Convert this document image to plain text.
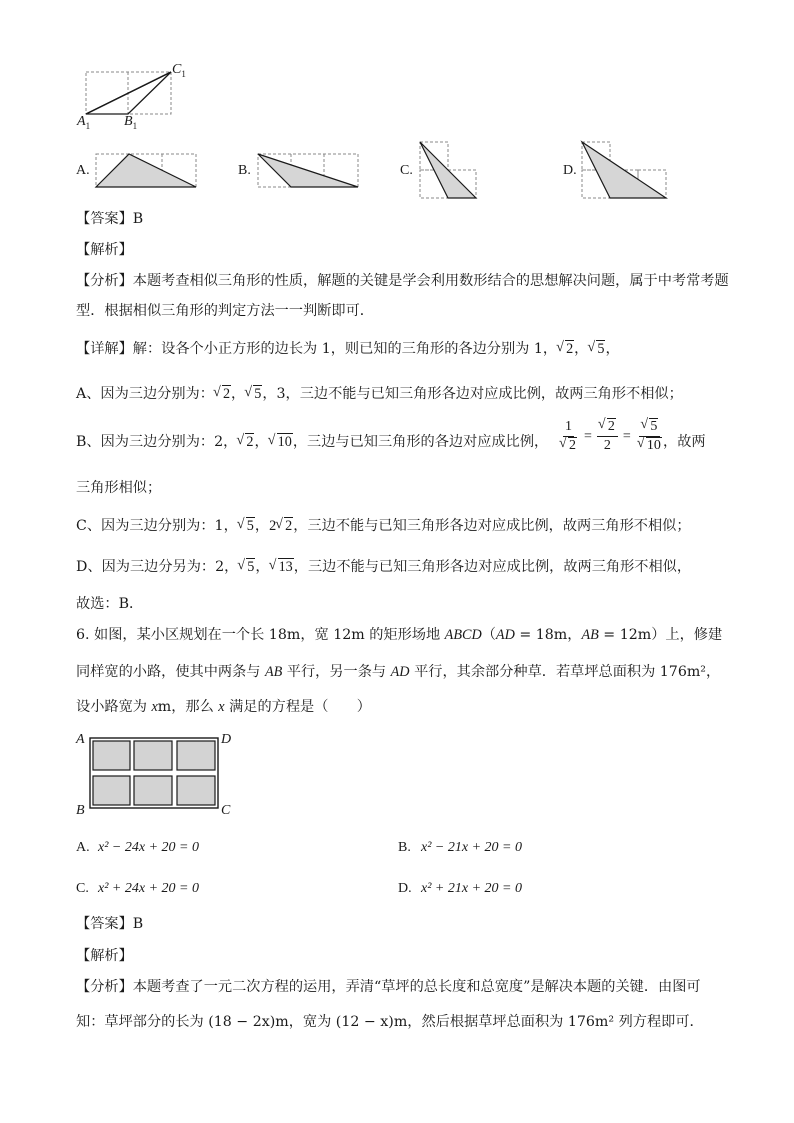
$C_1$
$A_1$ $B_1$
A.	B.	C.	D.
【答案】B
【解析】
【分析】本题考查相似三角形的性质，解题的关键是学会利用数形结合的思想解决问题，属于中考常考题
型．根据相似三角形的判定方法一一判断即可．
【详解】解：设各个小正方形的边长为 1，则已知的三角形的各边分别为 1， √ 2， √ 5，
A、因为三边分别为： √ 2， √ 5，3，三边不能与已知三角形各边对应成比例，故两三角形不相似；
B、因为三边分别为：2， √ 2， √ 10，三边与已知三角形的各边对应成比例， 1
√ 2 = √ $\frac{2}{2}$ = √ 5
√ 10 ，故两
三角形相似；
C、因为三边分别为：1， √ 5，2 √ 2，三边不能与已知三角形各边对应成比例，故两三角形不相似；
D、因为三边分另为：2， √ 5， √ 13，三边不能与已知三角形各边对应成比例，故两三角形不相似，
故选：B．
6. 如图，某小区规划在一个长 18m，宽 12m 的矩形场地 ABCD（AD = 18m，AB = 12m）上，修建
同样宽的小路，使其中两条与 AB 平行，另一条与 AD 平行，其余部分种草．若草坪总面积为 176m²，
设小路宽为 xm，那么 x 满足的方程是（　　）
A	D
B	C
A. x² − 24x + 20 = 0	B. x² − 21x + 20 = 0
C. x² + 24x + 20 = 0	D. x² + 21x + 20 = 0
【答案】B
【解析】
【分析】本题考查了一元二次方程的运用，弄清“草坪的总长度和总宽度”是解决本题的关键．由图可
知：草坪部分的长为 (18 − 2x)m，宽为 (12 − x)m，然后根据草坪总面积为 176m² 列方程即可．
